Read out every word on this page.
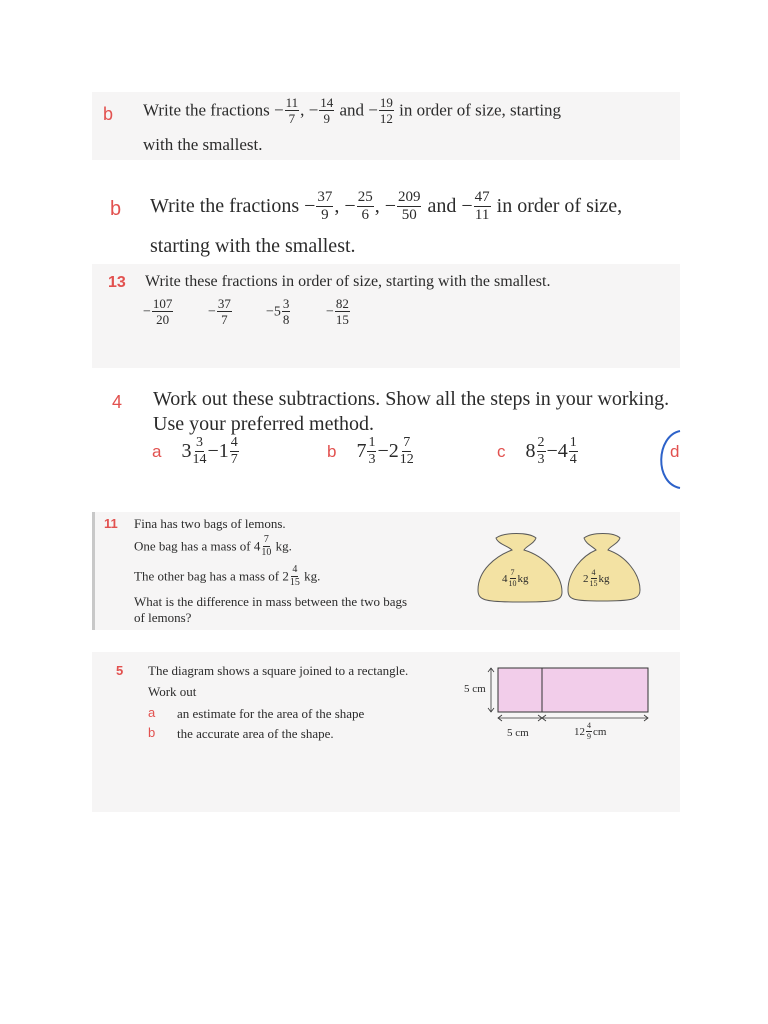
b Write the fractions − $\frac{11}{7}$ , − $\frac{14}{9}$ and − $\frac{19}{12}$ in order of size, starting
with the smallest.
b Write the fractions − $\frac{37}{9}$ , − $\frac{25}{6}$ , − $\frac{209}{50}$ and − $\frac{47}{11}$ in order of size,
starting with the smallest.
13 Write these fractions in order of size, starting with the smallest.
− $\frac{107}{20} - \frac{37}{7} -5 \frac{3}{8}$	− $\frac{82}{15}$
4 Work out these subtractions. Show all the steps in your working.
Use your preferred method.
a $3 \frac{3}{14} -1 \frac{4}{7}$	b $7 \frac{1}{3} -2 \frac{7}{12}$	c $8 \frac{2}{3} -4 \frac{1}{4}$	d
11 Fina has two bags of lemons.
One bag has a mass of $4 \frac{7}{10}$ kg.
The other bag has a mass of $2 \frac{4}{15}$ kg.
What is the difference in mass between the two bags
of lemons?
$4 \frac{7}{10}$ kg	$2 \frac{4}{15}$ kg
5 The diagram shows a square joined to a rectangle.
Work out
a an estimate for the area of the shape
b the accurate area of the shape.
5 cm
5 cm	$12 \frac{4}{9}$ cm
